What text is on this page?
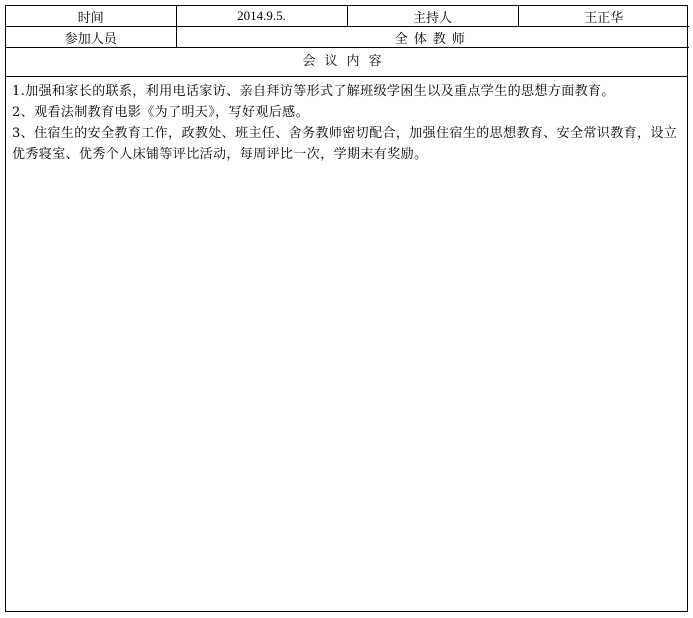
时间	2014.9.5.	主持人	王正华
参加人员	全体教师		
会议内容

1.加强和家长的联系，利用电话家访、亲自拜访等形式了解班级学困生以及重点学生的思想方面教育。

2、观看法制教育电影《为了明天》，写好观后感。

3、住宿生的安全教育工作，政教处、班主任、舍务教师密切配合，加强住宿生的思想教育、安全常识教育，设立优秀寝室、优秀个人床铺等评比活动，每周评比一次，学期末有奖励。
